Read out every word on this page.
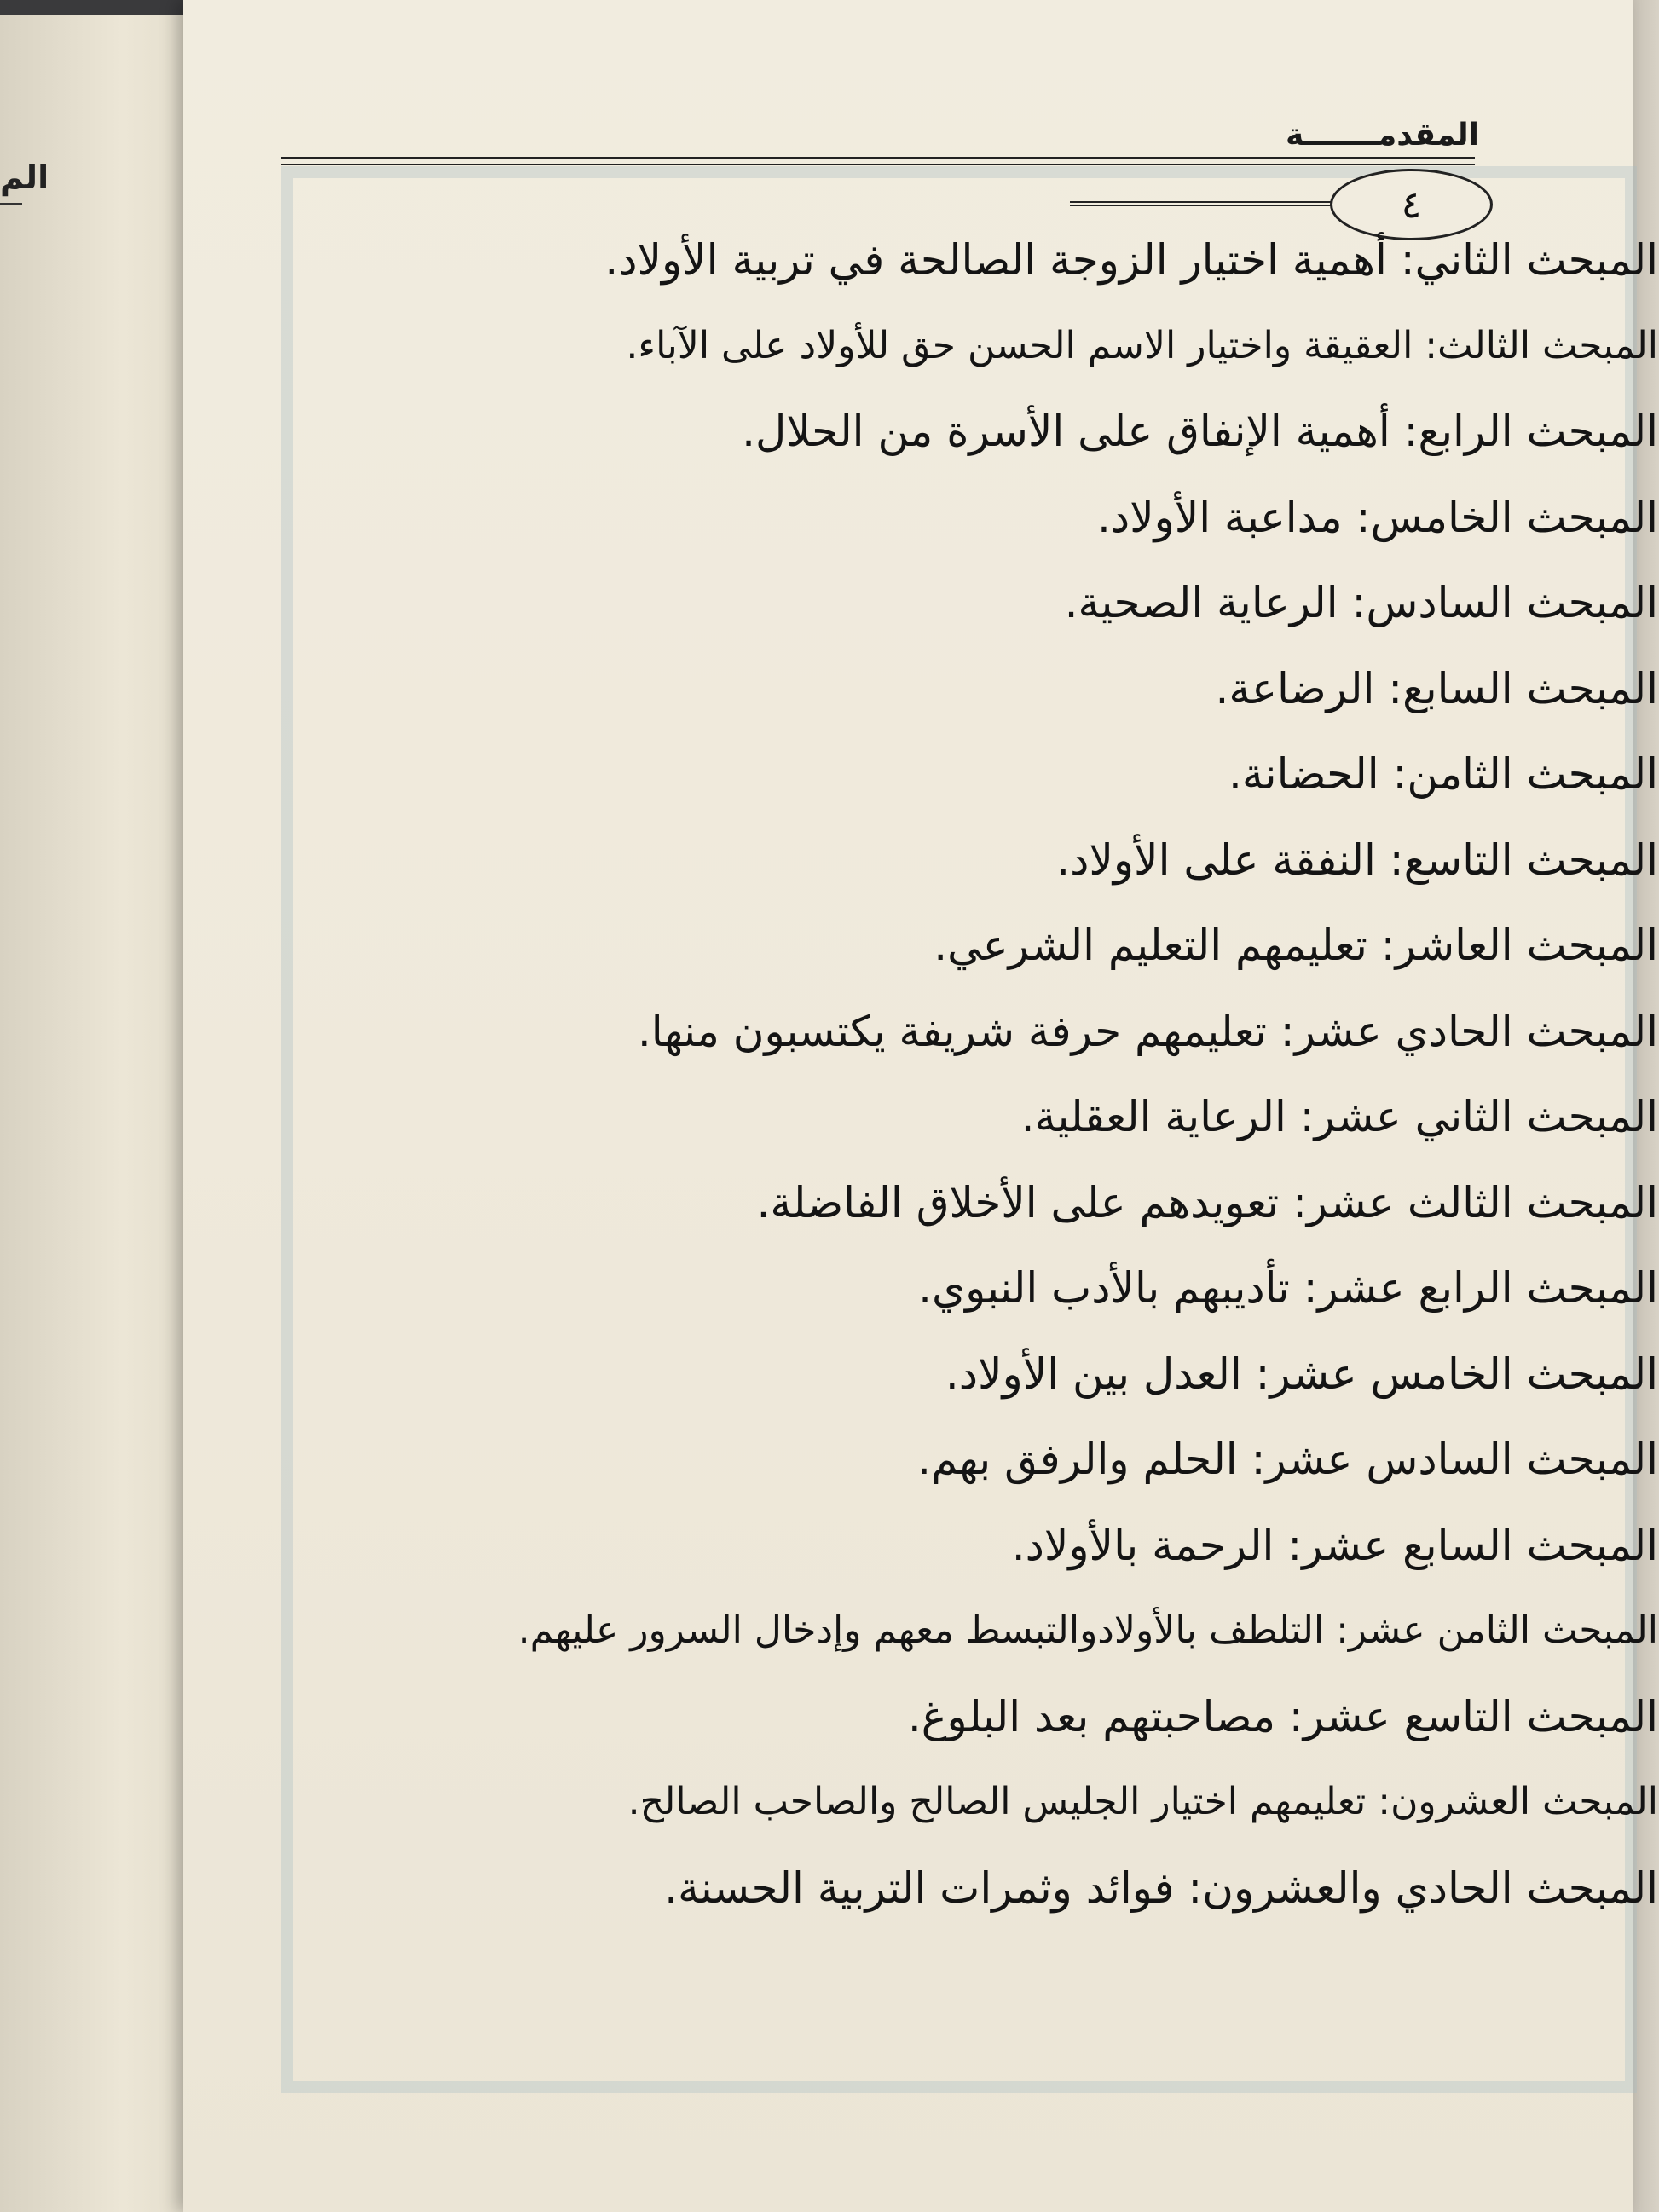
الم
المقدمـــــــة
٤
المبحث الثاني: أهمية اختيار الزوجة الصالحة في تربية الأولاد.
المبحث الثالث: العقيقة واختيار الاسم الحسن حق للأولاد على الآباء.
المبحث الرابع: أهمية الإنفاق على الأسرة من الحلال.
المبحث الخامس: مداعبة الأولاد.
المبحث السادس: الرعاية الصحية.
المبحث السابع: الرضاعة.
المبحث الثامن: الحضانة.
المبحث التاسع: النفقة على الأولاد.
المبحث العاشر: تعليمهم التعليم الشرعي.
المبحث الحادي عشر: تعليمهم حرفة شريفة يكتسبون منها.
المبحث الثاني عشر: الرعاية العقلية.
المبحث الثالث عشر: تعويدهم على الأخلاق الفاضلة.
المبحث الرابع عشر: تأديبهم بالأدب النبوي.
المبحث الخامس عشر: العدل بين الأولاد.
المبحث السادس عشر: الحلم والرفق بهم.
المبحث السابع عشر: الرحمة بالأولاد.
المبحث الثامن عشر: التلطف بالأولادوالتبسط معهم وإدخال السرور عليهم.
المبحث التاسع عشر: مصاحبتهم بعد البلوغ.
المبحث العشرون: تعليمهم اختيار الجليس الصالح والصاحب الصالح.
المبحث الحادي والعشرون: فوائد وثمرات التربية الحسنة.
